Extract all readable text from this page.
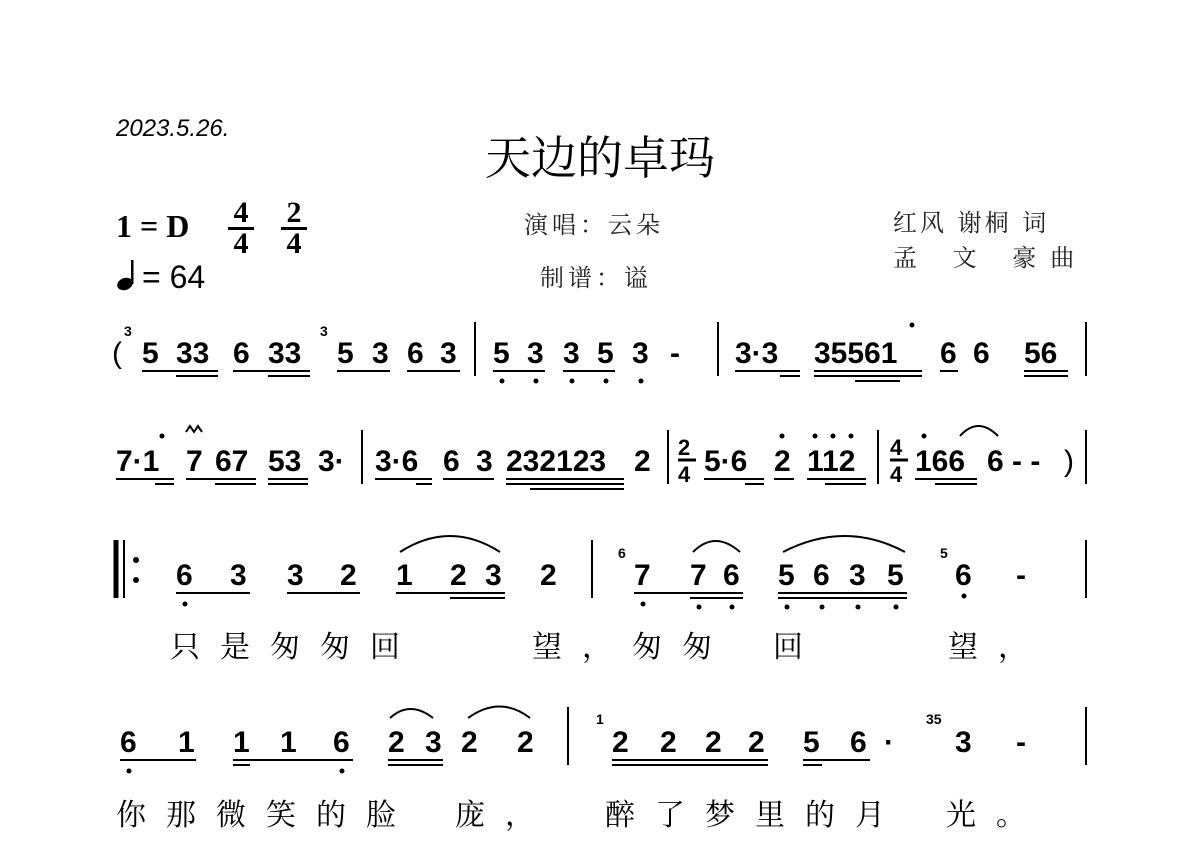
2023.5.26.
天边的卓玛
1 = D 4
4
2
4
= 64
演唱：云朵
制谱：谥
红风 谢桐 词
孟 文 豪曲
(
3
5 33 6 33
3
5 3 6 3 5 3 3 5 3 - 3·3 35561 6 6 56
7·1 7 67 53 3· 3·6 6 3 232123 2 2
4 5·6 2 112 4
4 166 6 - - )
6 3 3 2 1 2 3 2
6
7 7 6 5 6 3 5
5
6 -
6 1 1 1 6 2 3 2 2
1
2 2 2 2 5 6 ·
35
3 -
只是匆匆回	望，匆匆 回	望，
你那微笑的脸 庞， 醉了梦里的月 光。
